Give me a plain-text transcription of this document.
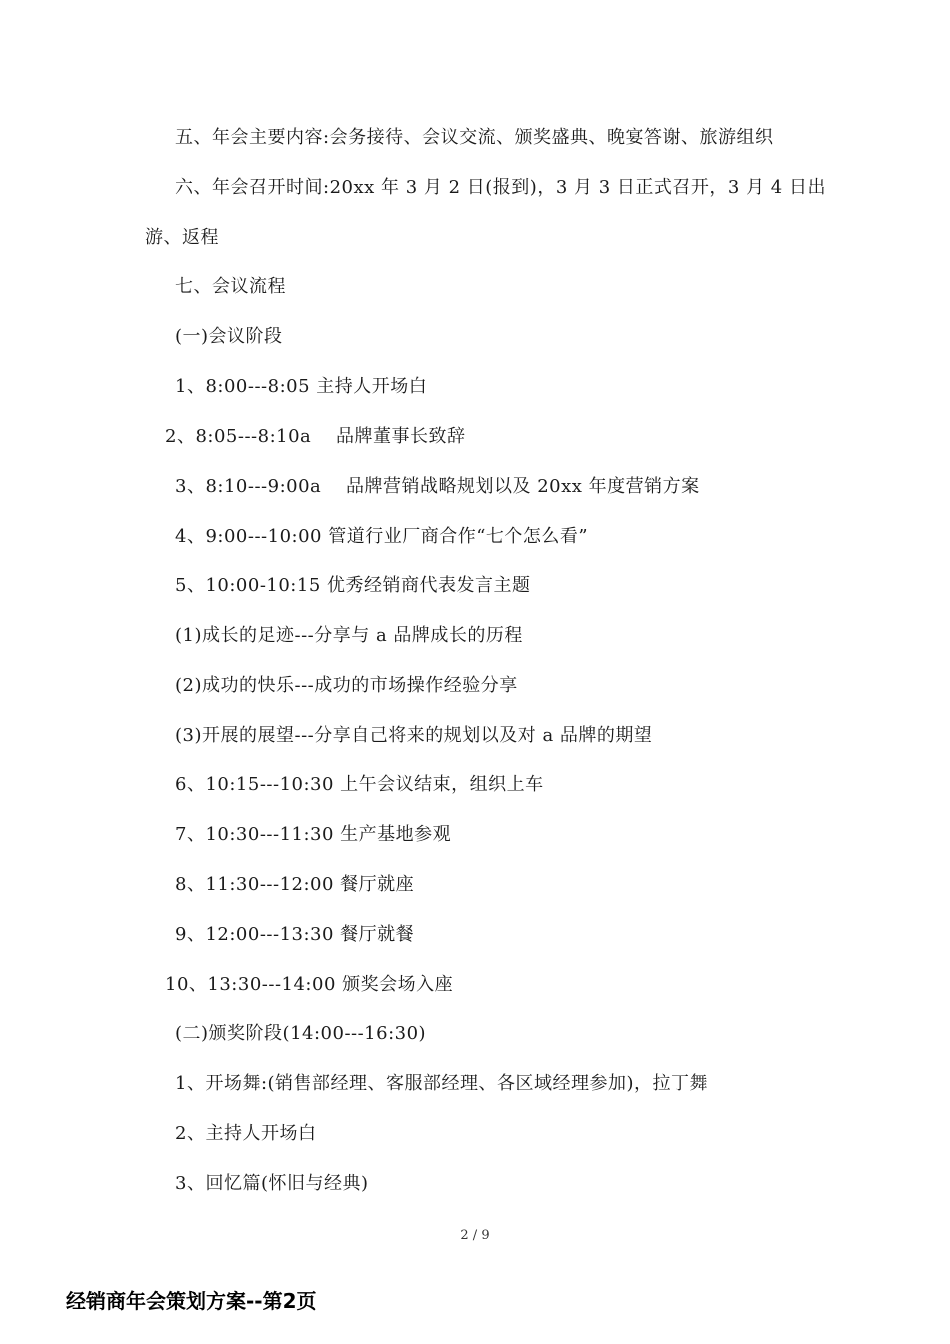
五、年会主要内容:会务接待、会议交流、颁奖盛典、晚宴答谢、旅游组织
六、年会召开时间:20xx 年 3 月 2 日(报到)，3 月 3 日正式召开，3 月 4 日出
游、返程
七、会议流程
(一)会议阶段
1、8:00---8:05 主持人开场白
2、8:05---8:10a　 品牌董事长致辞
3、8:10---9:00a　 品牌营销战略规划以及 20xx 年度营销方案
4、9:00---10:00 管道行业厂商合作“七个怎么看”
5、10:00-10:15 优秀经销商代表发言主题
(1)成长的足迹---分享与 a 品牌成长的历程
(2)成功的快乐---成功的市场操作经验分享
(3)开展的展望---分享自己将来的规划以及对 a 品牌的期望
6、10:15---10:30 上午会议结束，组织上车
7、10:30---11:30 生产基地参观
8、11:30---12:00 餐厅就座
9、12:00---13:30 餐厅就餐
10、13:30---14:00 颁奖会场入座
(二)颁奖阶段(14:00---16:30)
1、开场舞:(销售部经理、客服部经理、各区域经理参加)，拉丁舞
2、主持人开场白
3、回忆篇(怀旧与经典)
2 / 9
经销商年会策划方案--第2页
